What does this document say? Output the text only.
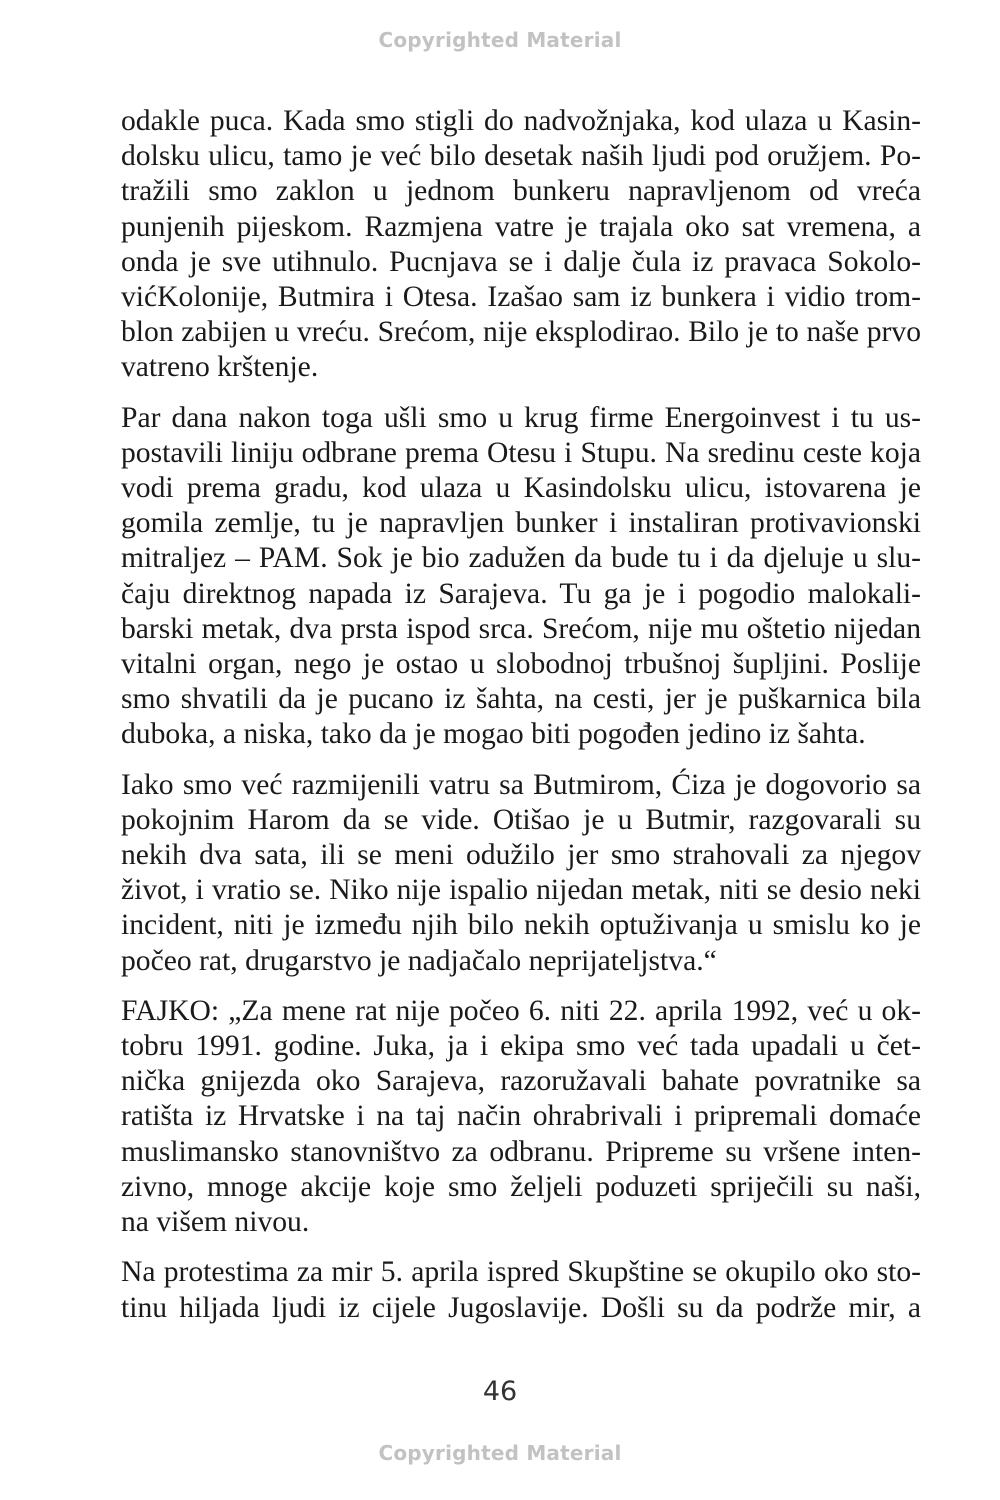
Copyrighted Material

odakle puca. Kada smo stigli do nadvožnjaka, kod ulaza u Kasin-
dolsku ulicu, tamo je već bilo desetak naših ljudi pod oružjem. Po-
tražili smo zaklon u jednom bunkeru napravljenom od vreća
punjenih pijeskom. Razmjena vatre je trajala oko sat vremena, a
onda je sve utihnulo. Pucnjava se i dalje čula iz pravaca Sokolo-
vićKolonije, Butmira i Otesa. Izašao sam iz bunkera i vidio trom-
blon zabijen u vreću. Srećom, nije eksplodirao. Bilo je to naše prvo
vatreno krštenje.

Par dana nakon toga ušli smo u krug firme Energoinvest i tu us-
postavili liniju odbrane prema Otesu i Stupu. Na sredinu ceste koja
vodi prema gradu, kod ulaza u Kasindolsku ulicu, istovarena je
gomila zemlje, tu je napravljen bunker i instaliran protivavionski
mitraljez – PAM. Sok je bio zadužen da bude tu i da djeluje u slu-
čaju direktnog napada iz Sarajeva. Tu ga je i pogodio malokali-
barski metak, dva prsta ispod srca. Srećom, nije mu oštetio nijedan
vitalni organ, nego je ostao u slobodnoj trbušnoj šupljini. Poslije
smo shvatili da je pucano iz šahta, na cesti, jer je puškarnica bila
duboka, a niska, tako da je mogao biti pogođen jedino iz šahta.

Iako smo već razmijenili vatru sa Butmirom, Ćiza je dogovorio sa
pokojnim Harom da se vide. Otišao je u Butmir, razgovarali su
nekih dva sata, ili se meni odužilo jer smo strahovali za njegov
život, i vratio se. Niko nije ispalio nijedan metak, niti se desio neki
incident, niti je između njih bilo nekih optuživanja u smislu ko je
počeo rat, drugarstvo je nadjačalo neprijateljstva.“

FAJKO: „Za mene rat nije počeo 6. niti 22. aprila 1992, već u ok-
tobru 1991. godine. Juka, ja i ekipa smo već tada upadali u čet-
nička gnijezda oko Sarajeva, razoružavali bahate povratnike sa
ratišta iz Hrvatske i na taj način ohrabrivali i pripremali domaće
muslimansko stanovništvo za odbranu. Pripreme su vršene inten-
zivno, mnoge akcije koje smo željeli poduzeti spriječili su naši,
na višem nivou.

Na protestima za mir 5. aprila ispred Skupštine se okupilo oko sto-
tinu hiljada ljudi iz cijele Jugoslavije. Došli su da podrže mir, a

46
Copyrighted Material
